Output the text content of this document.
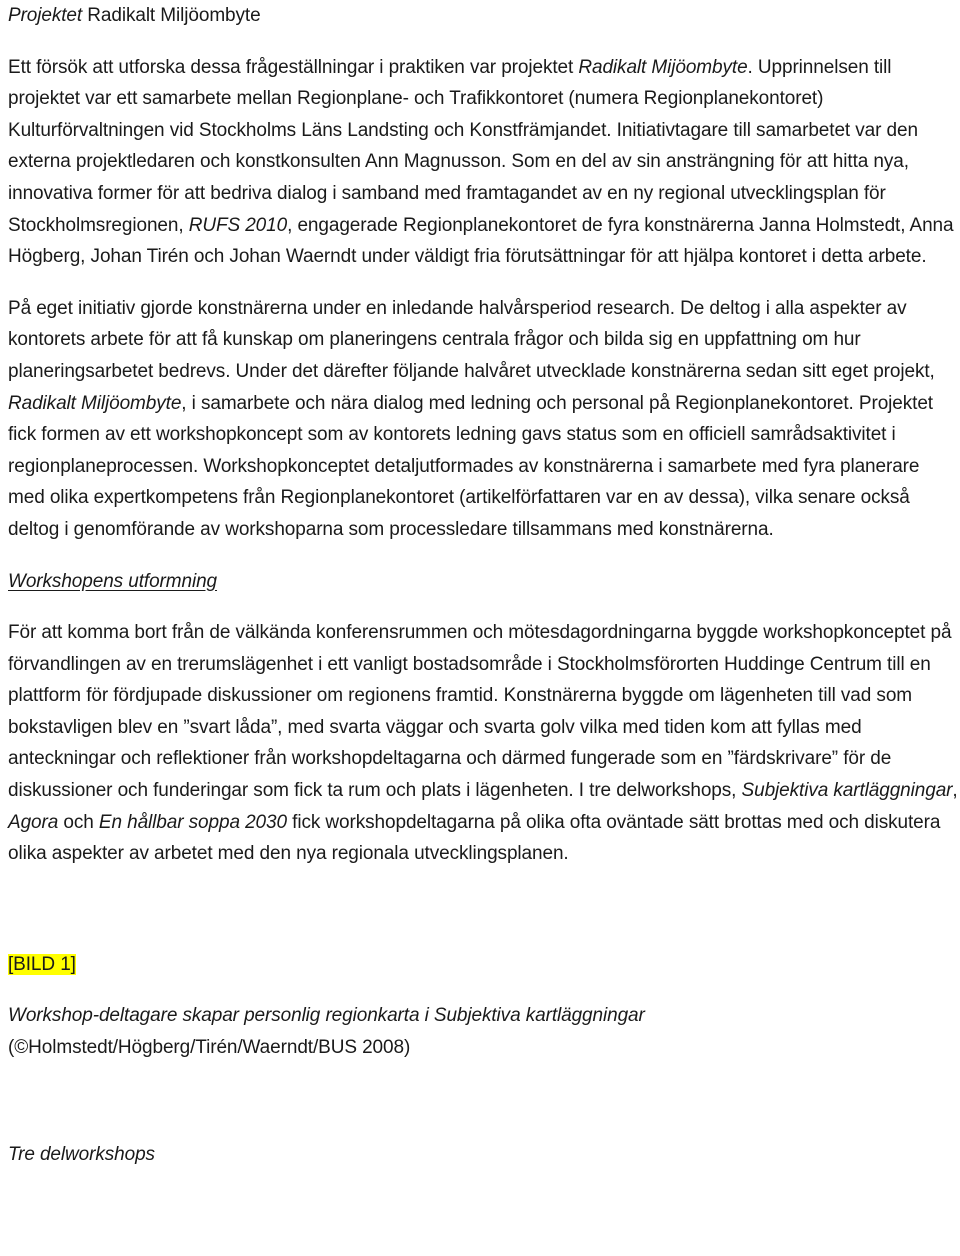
Projektet Radikalt Miljöombyte

Ett försök att utforska dessa frågeställningar i praktiken var projektet Radikalt Mijöombyte. Upprinnelsen till projektet var ett samarbete mellan Regionplane- och Trafikkontoret (numera Regionplanekontoret) Kulturförvaltningen vid Stockholms Läns Landsting och Konstfrämjandet. Initiativtagare till samarbetet var den externa projektledaren och konstkonsulten Ann Magnusson. Som en del av sin ansträngning för att hitta nya, innovativa former för att bedriva dialog i samband med framtagandet av en ny regional utvecklingsplan för Stockholmsregionen, RUFS 2010, engagerade Regionplanekontoret de fyra konstnärerna Janna Holmstedt, Anna Högberg, Johan Tirén och Johan Waerndt under väldigt fria förutsättningar för att hjälpa kontoret i detta arbete.

På eget initiativ gjorde konstnärerna under en inledande halvårsperiod research. De deltog i alla aspekter av kontorets arbete för att få kunskap om planeringens centrala frågor och bilda sig en uppfattning om hur planeringsarbetet bedrevs. Under det därefter följande halvåret utvecklade konstnärerna sedan sitt eget projekt, Radikalt Miljöombyte, i samarbete och nära dialog med ledning och personal på Regionplanekontoret. Projektet fick formen av ett workshopkoncept som av kontorets ledning gavs status som en officiell samrådsaktivitet i regionplaneprocessen. Workshopkonceptet detaljutformades av konstnärerna i samarbete med fyra planerare med olika expertkompetens från Regionplanekontoret (artikelförfattaren var en av dessa), vilka senare också deltog i genomförande av workshoparna som processledare tillsammans med konstnärerna.

Workshopens utformning

För att komma bort från de välkända konferensrummen och mötesdagordningarna byggde workshopkonceptet på förvandlingen av en trerumslägenhet i ett vanligt bostadsområde i Stockholmsförorten Huddinge Centrum till en plattform för fördjupade diskussioner om regionens framtid. Konstnärerna byggde om lägenheten till vad som bokstavligen blev en ”svart låda”, med svarta väggar och svarta golv vilka med tiden kom att fyllas med anteckningar och reflektioner från workshopdeltagarna och därmed fungerade som en ”färdskrivare” för de diskussioner och funderingar som fick ta rum och plats i lägenheten. I tre delworkshops, Subjektiva kartläggningar, Agora och En hållbar soppa 2030 fick workshopdeltagarna på olika ofta oväntade sätt brottas med och diskutera olika aspekter av arbetet med den nya regionala utvecklingsplanen.

[BILD 1]

Workshop-deltagare skapar personlig regionkarta i Subjektiva kartläggningar
(©Holmstedt/Högberg/Tirén/Waerndt/BUS 2008)

Tre delworkshops
